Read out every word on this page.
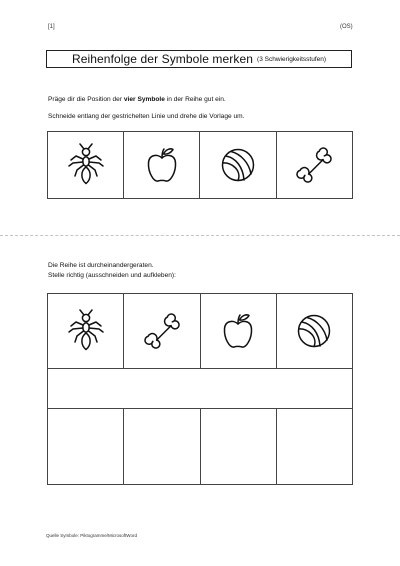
[1]	(OS)
Reihenfolge der Symbole merken (3 Schwierigkeitsstufen)
Präge dir die Position der vier Symbole in der Reihe gut ein.
Schneide entlang der gestrichelten Linie und drehe die Vorlage um.

Die Reihe ist durcheinandergeraten.
Stelle richtig (ausschneiden und aufkleben):

Quelle Symbole: Piktogramme/MicrosoftWord
